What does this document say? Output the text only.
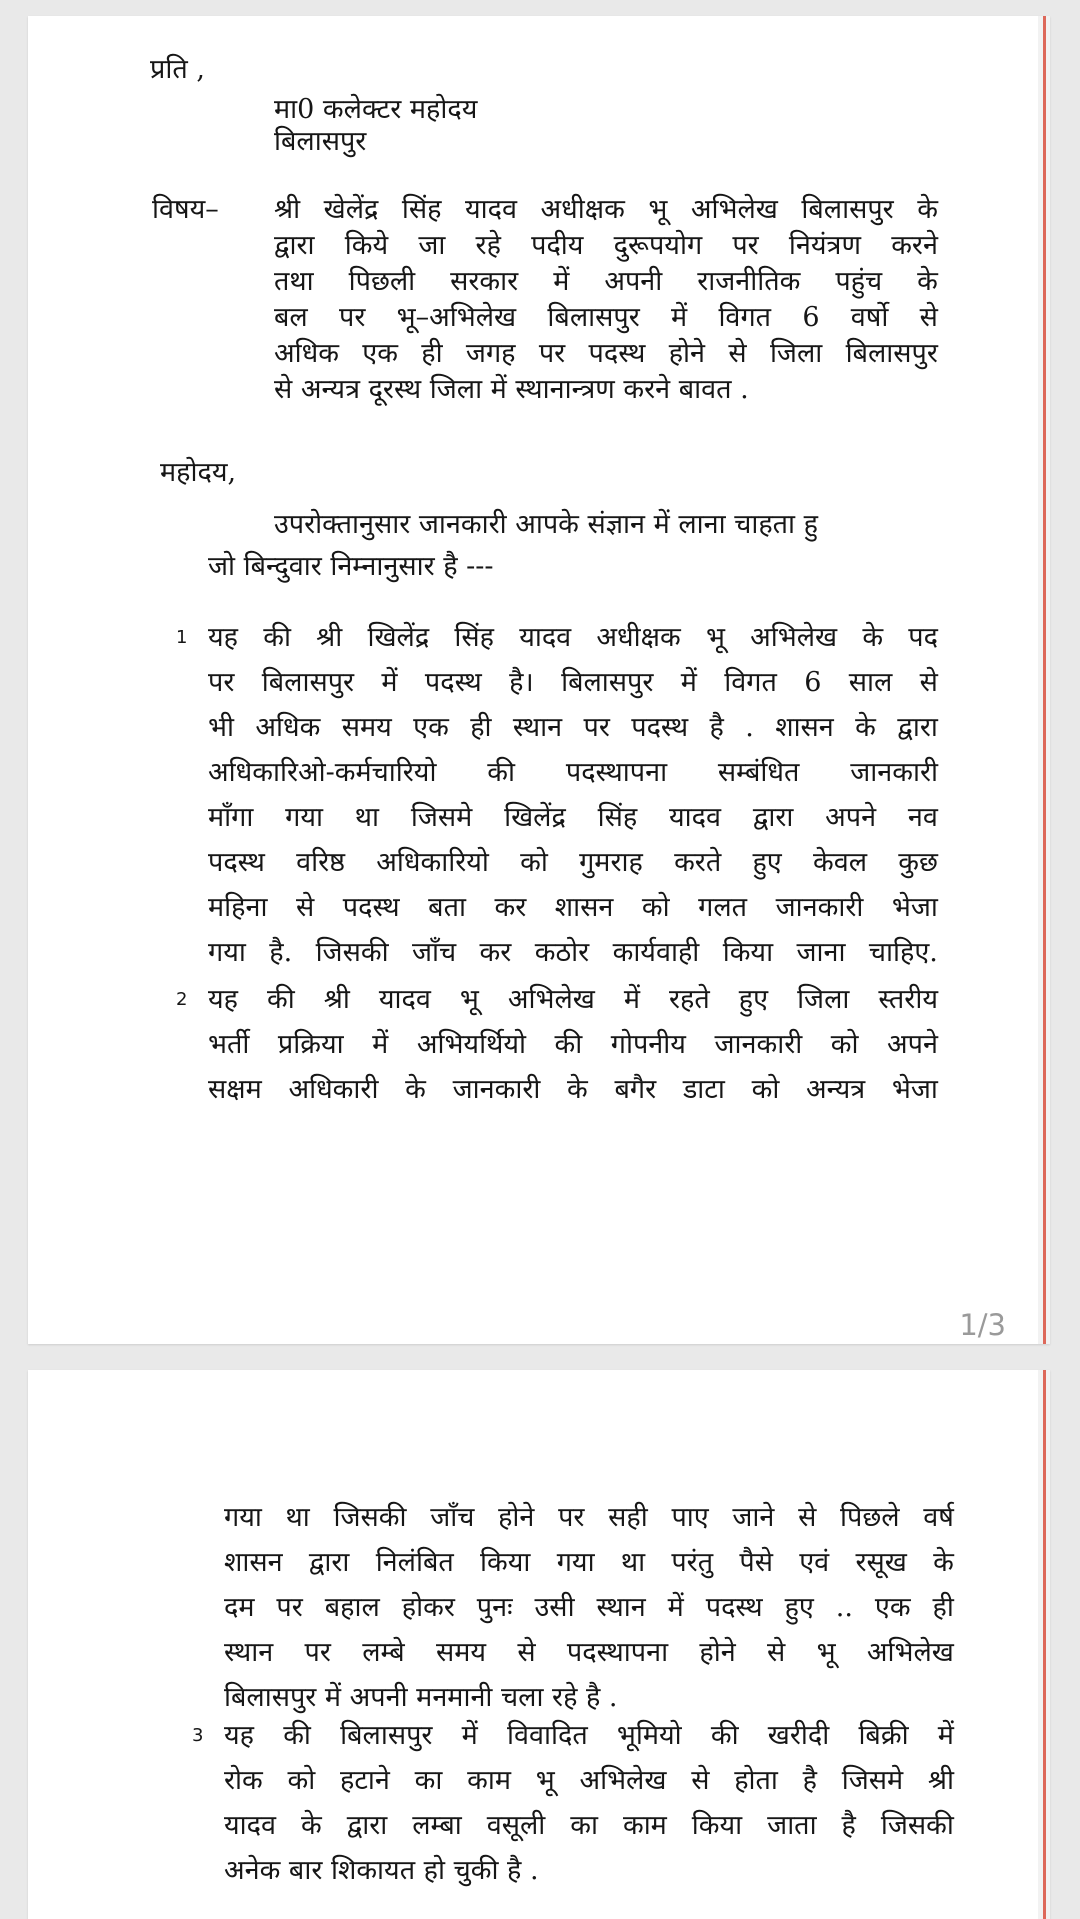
प्रति ,
मा0 कलेक्टर महोदय
बिलासपुर
विषय– श्री खेलेंद्र सिंह यादव अधीक्षक भू अभिलेख बिलासपुर के
द्वारा किये जा रहे पदीय दुरूपयोग पर नियंत्रण करने
तथा पिछली सरकार में अपनी राजनीतिक पहुंच के
बल पर भू–अभिलेख बिलासपुर में विगत 6 वर्षो से
अधिक एक ही जगह पर पदस्थ होने से जिला बिलासपुर
से अन्यत्र दूरस्थ जिला में स्थानान्त्रण करने बावत .
महोदय,
उपरोक्तानुसार जानकारी आपके संज्ञान में लाना चाहता हु
जो बिन्दुवार निम्नानुसार है ---
1 यह की श्री खिलेंद्र सिंह यादव अधीक्षक भू अभिलेख के पद
पर बिलासपुर में पदस्थ है। बिलासपुर में विगत 6 साल से
भी अधिक समय एक ही स्थान पर पदस्थ है . शासन के द्वारा
अधिकारिओ-कर्मचारियो की पदस्थापना सम्बंधित जानकारी
माँगा गया था जिसमे खिलेंद्र सिंह यादव द्वारा अपने नव
पदस्थ वरिष्ठ अधिकारियो को गुमराह करते हुए केवल कुछ
महिना से पदस्थ बता कर शासन को गलत जानकारी भेजा
गया है. जिसकी जाँच कर कठोर कार्यवाही किया जाना चाहिए.
2 यह की श्री यादव भू अभिलेख में रहते हुए जिला स्तरीय
भर्ती प्रक्रिया में अभियर्थियो की गोपनीय जानकारी को अपने
सक्षम अधिकारी के जानकारी के बगैर डाटा को अन्यत्र भेजा
1/3
गया था जिसकी जाँच होने पर सही पाए जाने से पिछले वर्ष
शासन द्वारा निलंबित किया गया था परंतु पैसे एवं रसूख के
दम पर बहाल होकर पुनः उसी स्थान में पदस्थ हुए .. एक ही
स्थान पर लम्बे समय से पदस्थापना होने से भू अभिलेख
बिलासपुर में अपनी मनमानी चला रहे है .
3 यह की बिलासपुर में विवादित भूमियो की खरीदी बिक्री में
रोक को हटाने का काम भू अभिलेख से होता है जिसमे श्री
यादव के द्वारा लम्बा वसूली का काम किया जाता है जिसकी
अनेक बार शिकायत हो चुकी है .
